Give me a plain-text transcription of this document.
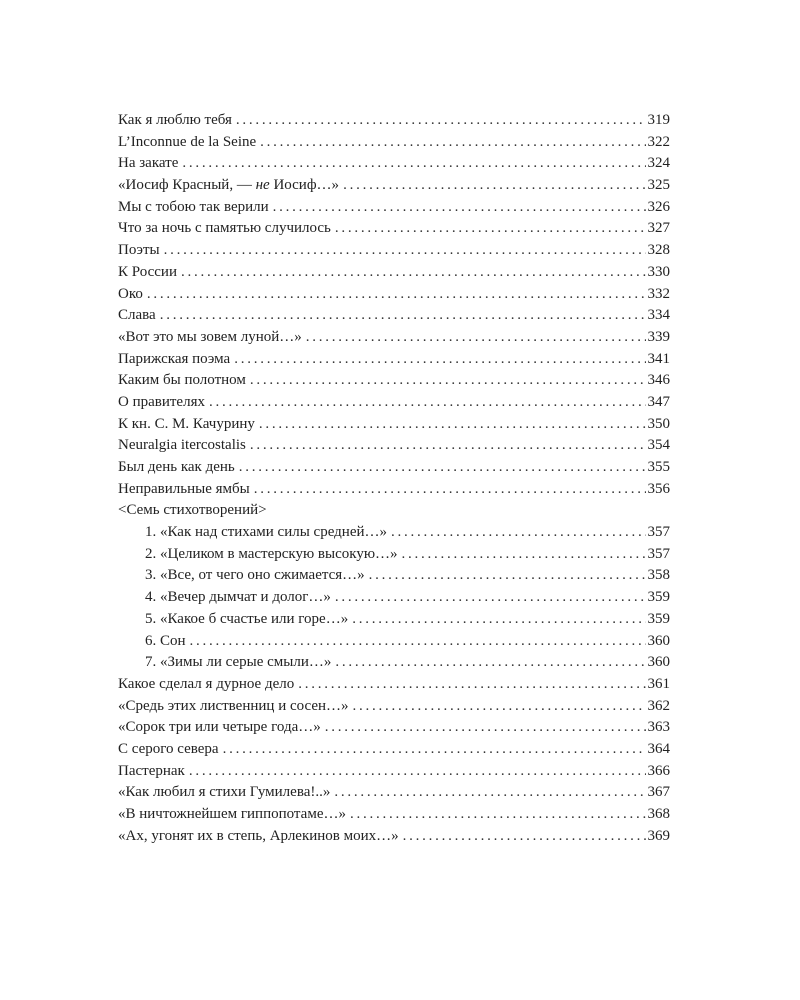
Как я люблю тебя . . .	319
L’Inconnue de la Seine . . .	322
На закате . . .	324
«Иосиф Красный, — не Иосиф…» . . .	325
Мы с тобою так верили . . .	326
Что за ночь с памятью случилось . . .	327
Поэты . . .	328
К России . . .	330
Око . . .	332
Слава . . .	334
«Вот это мы зовем луной…» . . .	339
Парижская поэма . . .	341
Каким бы полотном . . .	346
О правителях . . .	347
К кн. С. М. Качурину . . .	350
Neuralgia itercostalis . . .	354
Был день как день . . .	355
Неправильные ямбы . . .	356
<Семь стихотворений>
1. «Как над стихами силы средней…» . . .	357
2. «Целиком в мастерскую высокую…» . . .	357
3. «Все, от чего оно сжимается…» . . .	358
4. «Вечер дымчат и долог…» . . .	359
5. «Какое б счастье или горе…» . . .	359
6. Сон . . .	360
7. «Зимы ли серые смыли…» . . .	360
Какое сделал я дурное дело . . .	361
«Средь этих лиственниц и сосен…» . . .	362
«Сорок три или четыре года…» . . .	363
С серого севера . . .	364
Пастернак . . .	366
«Как любил я стихи Гумилева!..» . . .	367
«В ничтожнейшем гиппопотаме…» . . .	368
«Ах, угонят их в степь, Арлекинов моих…» . . .	369
